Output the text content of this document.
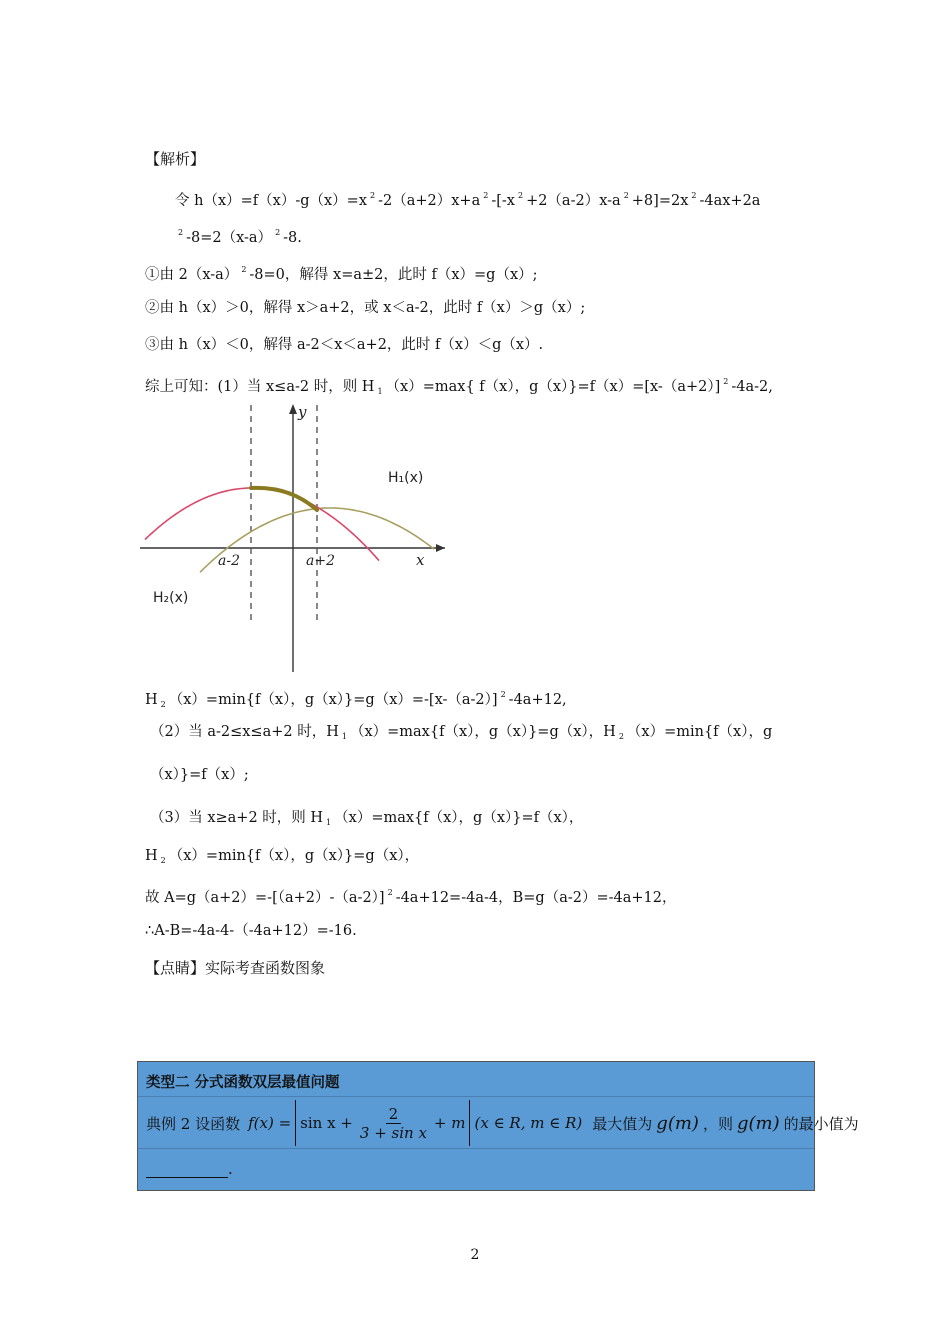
【解析】
令 h（x）=f（x）-g（x）=x $^2$ -2（a+2）x+a $^2$ -[-x $^2$ +2（a-2）x-a $^2$ +8]=2x $^2$ -4ax+2a
$^2$ -8=2（x-a） $^2$ -8.
①由 2（x-a） $^2$ -8=0，解得 x=a±2，此时 f（x）=g（x）;
②由 h（x）＞0，解得 x＞a+2，或 x＜a-2，此时 f（x）＞g（x）;
③由 h（x）＜0，解得 a-2＜x＜a+2，此时 f（x）＜g（x）.
综上可知：(1）当 x≤a-2 时，则 H $_1$ （x）=max{ f（x），g（x）}=f（x）=[x-（a+2）] $^2$ -4a-2,
y
x
a-2	a+2
H₁(x)
H₂(x)
H $_2$ （x）=min{f（x），g（x）}=g（x）=-[x-（a-2）] $^2$ -4a+12,
（2）当 a-2≤x≤a+2 时，H $_1$ （x）=max{f（x），g（x）}=g（x），H $_2$ （x）=min{f（x），g
（x）}=f（x）;
（3）当 x≥a+2 时，则 H $_1$ （x）=max{f（x），g（x）}=f（x），
H $_2$ （x）=min{f（x），g（x）}=g（x），
故 A=g（a+2）=-[（a+2）-（a-2）] $^2$ -4a+12=-4a-4，B=g（a-2）=-4a+12，
∴A-B=-4a-4-（-4a+12）=-16.
【点睛】实际考查函数图象
类型二 分式函数双层最值问题
典例 2 设函数 $f(x) = \sin x + \frac{2}{\text{3 + sin x}} + m$ (x ∈ R, m ∈ R) 最大值为 g(m) ，则 g(m) 的最小值为
.
2
